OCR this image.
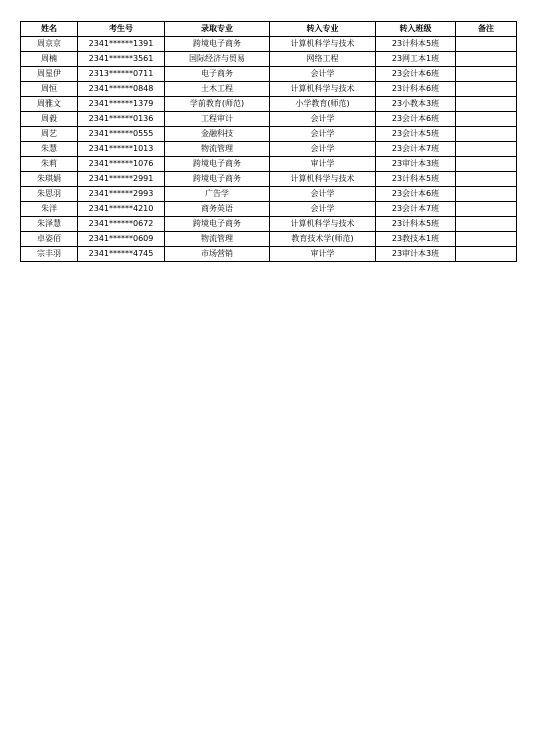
姓名	考生号	录取专业	转入专业	转入班级	备注
周京京	2341******1391	跨境电子商务	计算机科学与技术	23计科本5班	
周楠	2341******3561	国际经济与贸易	网络工程	23网工本1班	
周星伊	2313******0711	电子商务	会计学	23会计本6班	
周恒	2341******0848	土木工程	计算机科学与技术	23计科本6班	
周雅文	2341******1379	学前教育(师范)	小学教育(师范)	23小教本3班	
周毅	2341******0136	工程审计	会计学	23会计本6班	
周艺	2341******0555	金融科技	会计学	23会计本5班	
朱慧	2341******1013	物流管理	会计学	23会计本7班	
朱莉	2341******1076	跨境电子商务	审计学	23审计本3班	
朱琪娟	2341******2991	跨境电子商务	计算机科学与技术	23计科本5班	
朱思羽	2341******2993	广告学	会计学	23会计本6班	
朱洋	2341******4210	商务英语	会计学	23会计本7班	
朱泽慧	2341******0672	跨境电子商务	计算机科学与技术	23计科本5班	
卓姿佰	2341******0609	物流管理	教育技术学(师范)	23教技本1班	
宗丰羽	2341******4745	市场营销	审计学	23审计本3班	
